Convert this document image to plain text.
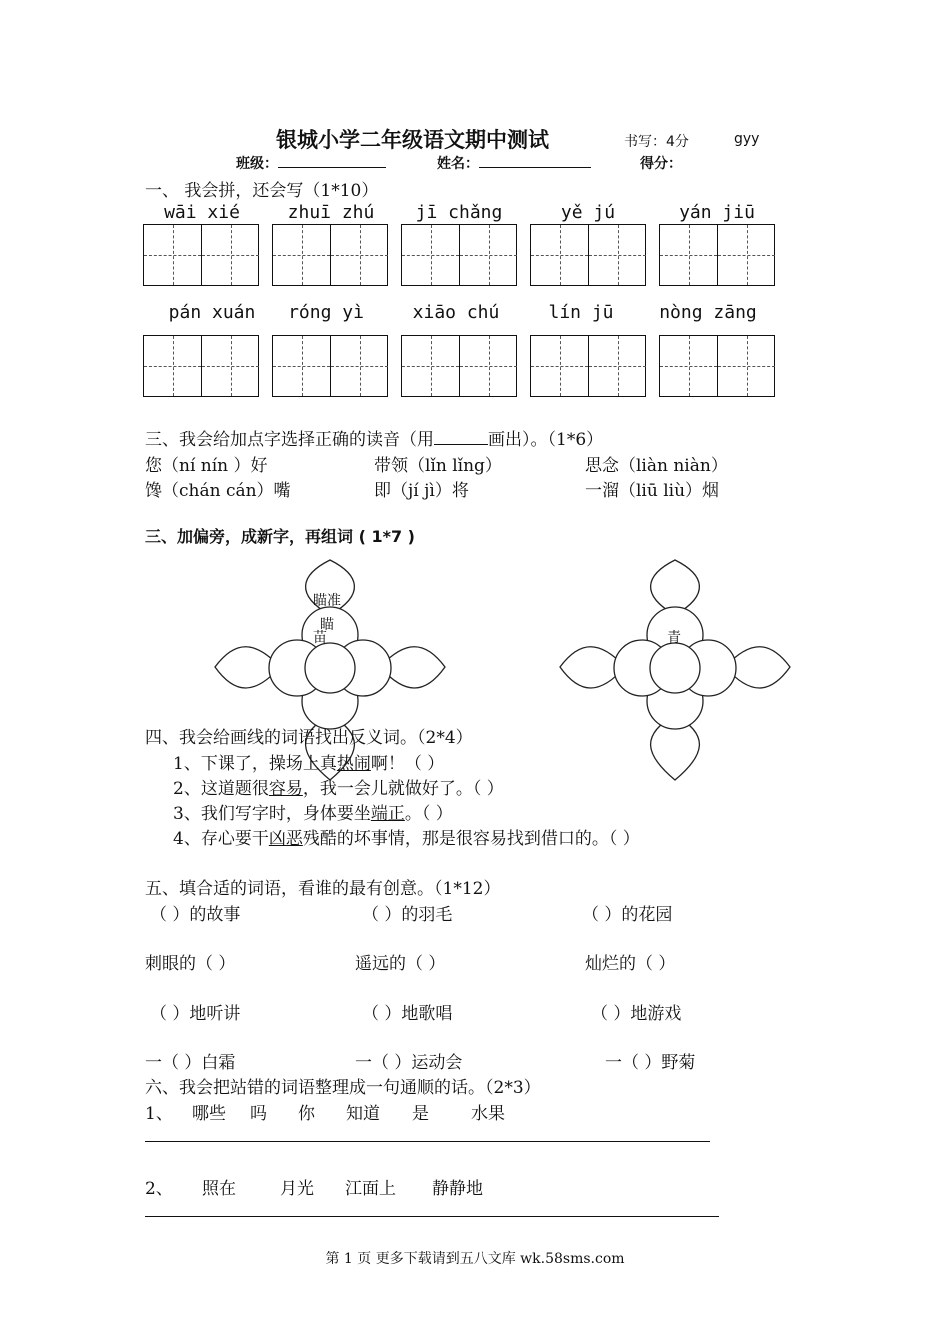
银城小学二年级语文期中测试	书写：4分	gyy
班级：	姓名：	得分：
一、 我会拼，还会写（1*10）
wāi xié	zhuī zhú	jī chǎng	yě jú	yán jiū
pán xuán	róng yì	xiāo chú	lín jū	nòng zāng
三、我会给加点字选择正确的读音（用	画出）。（1*6）
您（ní nín ）好	带领（lǐn lǐng）	思念（liàn niàn）
馋（chán cán）嘴	即（jí jì）将	一溜（liū liù）烟
三、加偏旁，成新字，再组词 ( 1*7 )
瞄准
瞄
苗	青
四、我会给画线的词语找出反义词。（2*4）
1、下课了，操场上真热闹啊！（ ）
2、这道题很容易，我一会儿就做好了。（ ）
3、我们写字时，身体要坐端正。（ ）
4、存心要干凶恶残酷的坏事情，那是很容易找到借口的。（ ）
五、填合适的词语，看谁的最有创意。（1*12）
（ ）的故事	（ ）的羽毛	（ ）的花园
刺眼的（ ）	遥远的（ ）	灿烂的（ ）
（ ）地听讲	（ ）地歌唱	（ ）地游戏
一（ ）白霜	一（ ）运动会	一（ ）野菊
六、我会把站错的词语整理成一句通顺的话。（2*3）
1、 哪些 吗 你 知道 是 水果
2、 照在	月光 江面上 静静地
第 1 页 更多下载请到五八文库 wk.58sms.com
